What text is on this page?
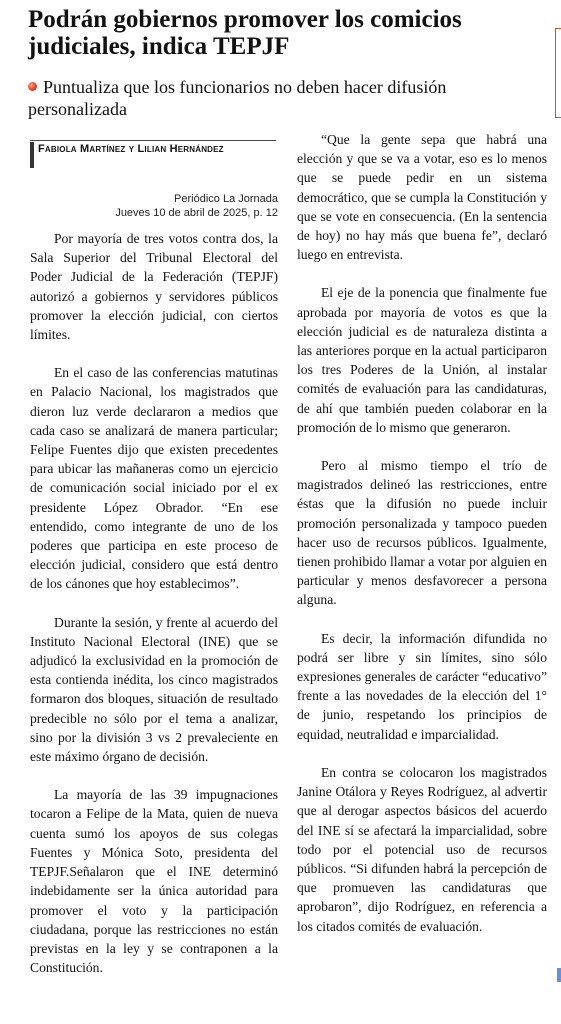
Podrán gobiernos promover los comicios judiciales, indica TEPJF
Puntualiza que los funcionarios no deben hacer difusión personalizada
Fabiola Martínez y Lilian Hernández
Periódico La Jornada
Jueves 10 de abril de 2025, p. 12

Por mayoría de tres votos contra dos, la Sala Superior del Tribunal Electoral del Poder Judicial de la Federación (TEPJF) autorizó a gobiernos y servidores públicos promover la elección judicial, con ciertos límites.

En el caso de las conferencias matutinas en Palacio Nacional, los magistrados que dieron luz verde declararon a medios que cada caso se analizará de manera particular; Felipe Fuentes dijo que existen precedentes para ubicar las mañaneras como un ejercicio de comunicación social iniciado por el ex presidente López Obrador. “En ese entendido, como integrante de uno de los poderes que participa en este proceso de elección judicial, considero que está dentro de los cánones que hoy establecimos”.

Durante la sesión, y frente al acuerdo del Instituto Nacional Electoral (INE) que se adjudicó la exclusividad en la promoción de esta contienda inédita, los cinco magistrados formaron dos bloques, situación de resultado predecible no sólo por el tema a analizar, sino por la división 3 vs 2 prevaleciente en este máximo órgano de decisión.

La mayoría de las 39 impugnaciones tocaron a Felipe de la Mata, quien de nueva cuenta sumó los apoyos de sus colegas Fuentes y Mónica Soto, presidenta del TEPJF.Señalaron que el INE determinó indebidamente ser la única autoridad para promover el voto y la participación ciudadana, porque las restricciones no están previstas en la ley y se contraponen a la Constitución.

“Que la gente sepa que habrá una elección y que se va a votar, eso es lo menos que se puede pedir en un sistema democrático, que se cumpla la Constitución y que se vote en consecuencia. (En la sentencia de hoy) no hay más que buena fe”, declaró luego en entrevista.

El eje de la ponencia que finalmente fue aprobada por mayoría de votos es que la elección judicial es de naturaleza distinta a las anteriores porque en la actual participaron los tres Poderes de la Unión, al instalar comités de evaluación para las candidaturas, de ahí que también pueden colaborar en la promoción de lo mismo que generaron.

Pero al mismo tiempo el trío de magistrados delineó las restricciones, entre éstas que la difusión no puede incluir promoción personalizada y tampoco pueden hacer uso de recursos públicos. Igualmente, tienen prohibido llamar a votar por alguien en particular y menos desfavorecer a persona alguna.

Es decir, la información difundida no podrá ser libre y sin límites, sino sólo expresiones generales de carácter “educativo” frente a las novedades de la elección del 1° de junio, respetando los principios de equidad, neutralidad e imparcialidad.

En contra se colocaron los magistrados Janine Otálora y Reyes Rodríguez, al advertir que al derogar aspectos básicos del acuerdo del INE sí se afectará la imparcialidad, sobre todo por el potencial uso de recursos públicos. “Si difunden habrá la percepción de que promueven las candidaturas que aprobaron”, dijo Rodríguez, en referencia a los citados comités de evaluación.
